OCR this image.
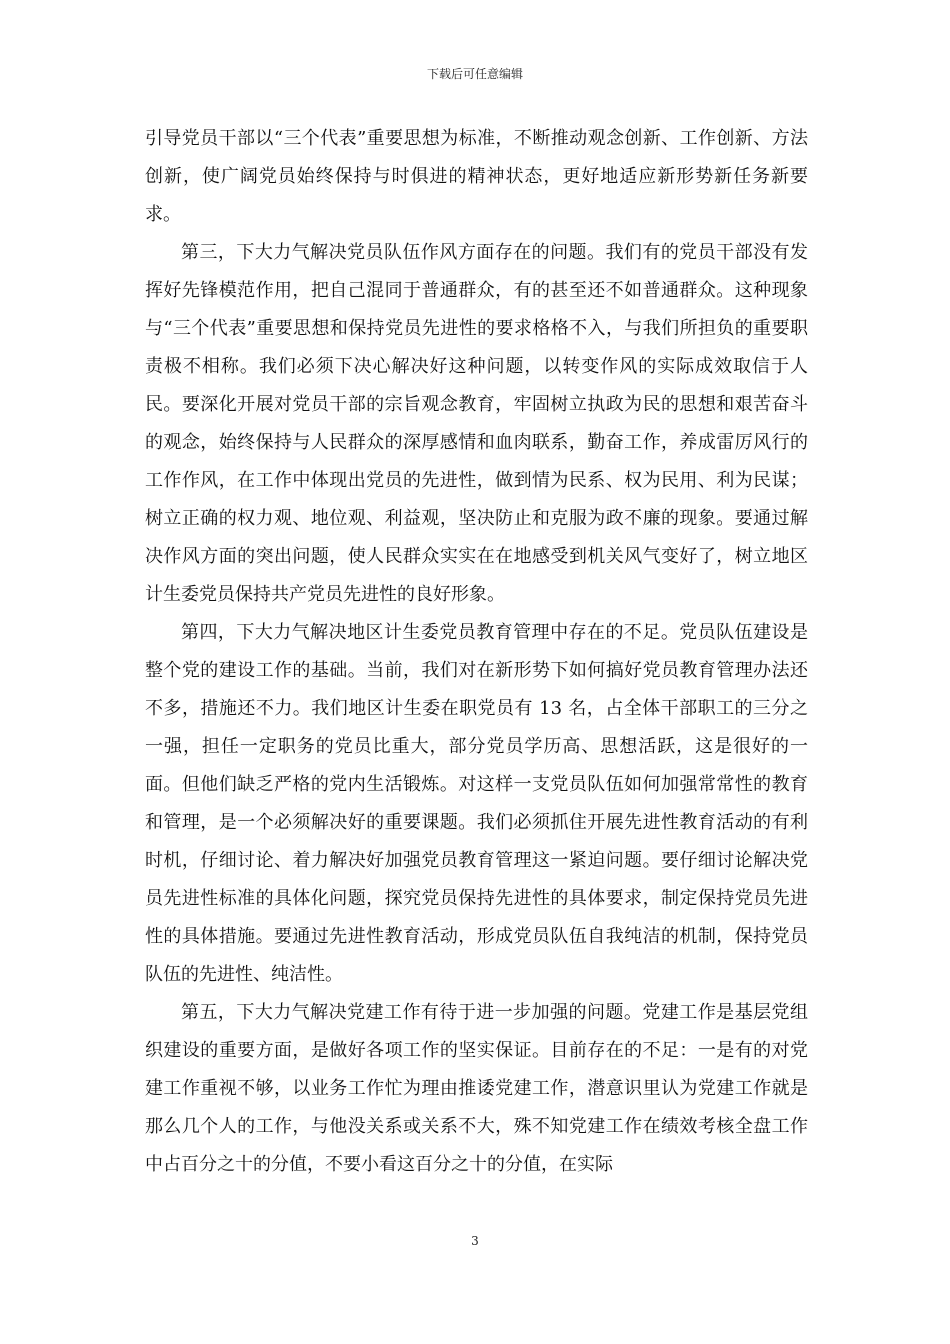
下载后可任意编辑

引导党员干部以“三个代表”重要思想为标准，不断推动观念创新、工作创新、方法创新，使广阔党员始终保持与时俱进的精神状态，更好地适应新形势新任务新要求。

第三，下大力气解决党员队伍作风方面存在的问题。我们有的党员干部没有发挥好先锋模范作用，把自己混同于普通群众，有的甚至还不如普通群众。这种现象与“三个代表”重要思想和保持党员先进性的要求格格不入，与我们所担负的重要职责极不相称。我们必须下决心解决好这种问题，以转变作风的实际成效取信于人民。要深化开展对党员干部的宗旨观念教育，牢固树立执政为民的思想和艰苦奋斗的观念，始终保持与人民群众的深厚感情和血肉联系，勤奋工作，养成雷厉风行的工作作风，在工作中体现出党员的先进性，做到情为民系、权为民用、利为民谋；树立正确的权力观、地位观、利益观，坚决防止和克服为政不廉的现象。要通过解决作风方面的突出问题，使人民群众实实在在地感受到机关风气变好了，树立地区计生委党员保持共产党员先进性的良好形象。

第四，下大力气解决地区计生委党员教育管理中存在的不足。党员队伍建设是整个党的建设工作的基础。当前，我们对在新形势下如何搞好党员教育管理办法还不多，措施还不力。我们地区计生委在职党员有 13 名，占全体干部职工的三分之一强，担任一定职务的党员比重大，部分党员学历高、思想活跃，这是很好的一面。但他们缺乏严格的党内生活锻炼。对这样一支党员队伍如何加强常常性的教育和管理，是一个必须解决好的重要课题。我们必须抓住开展先进性教育活动的有利时机，仔细讨论、着力解决好加强党员教育管理这一紧迫问题。要仔细讨论解决党员先进性标准的具体化问题，探究党员保持先进性的具体要求，制定保持党员先进性的具体措施。要通过先进性教育活动，形成党员队伍自我纯洁的机制，保持党员队伍的先进性、纯洁性。

第五，下大力气解决党建工作有待于进一步加强的问题。党建工作是基层党组织建设的重要方面，是做好各项工作的坚实保证。目前存在的不足：一是有的对党建工作重视不够，以业务工作忙为理由推诿党建工作，潜意识里认为党建工作就是那么几个人的工作，与他没关系或关系不大，殊不知党建工作在绩效考核全盘工作中占百分之十的分值，不要小看这百分之十的分值，在实际

3
